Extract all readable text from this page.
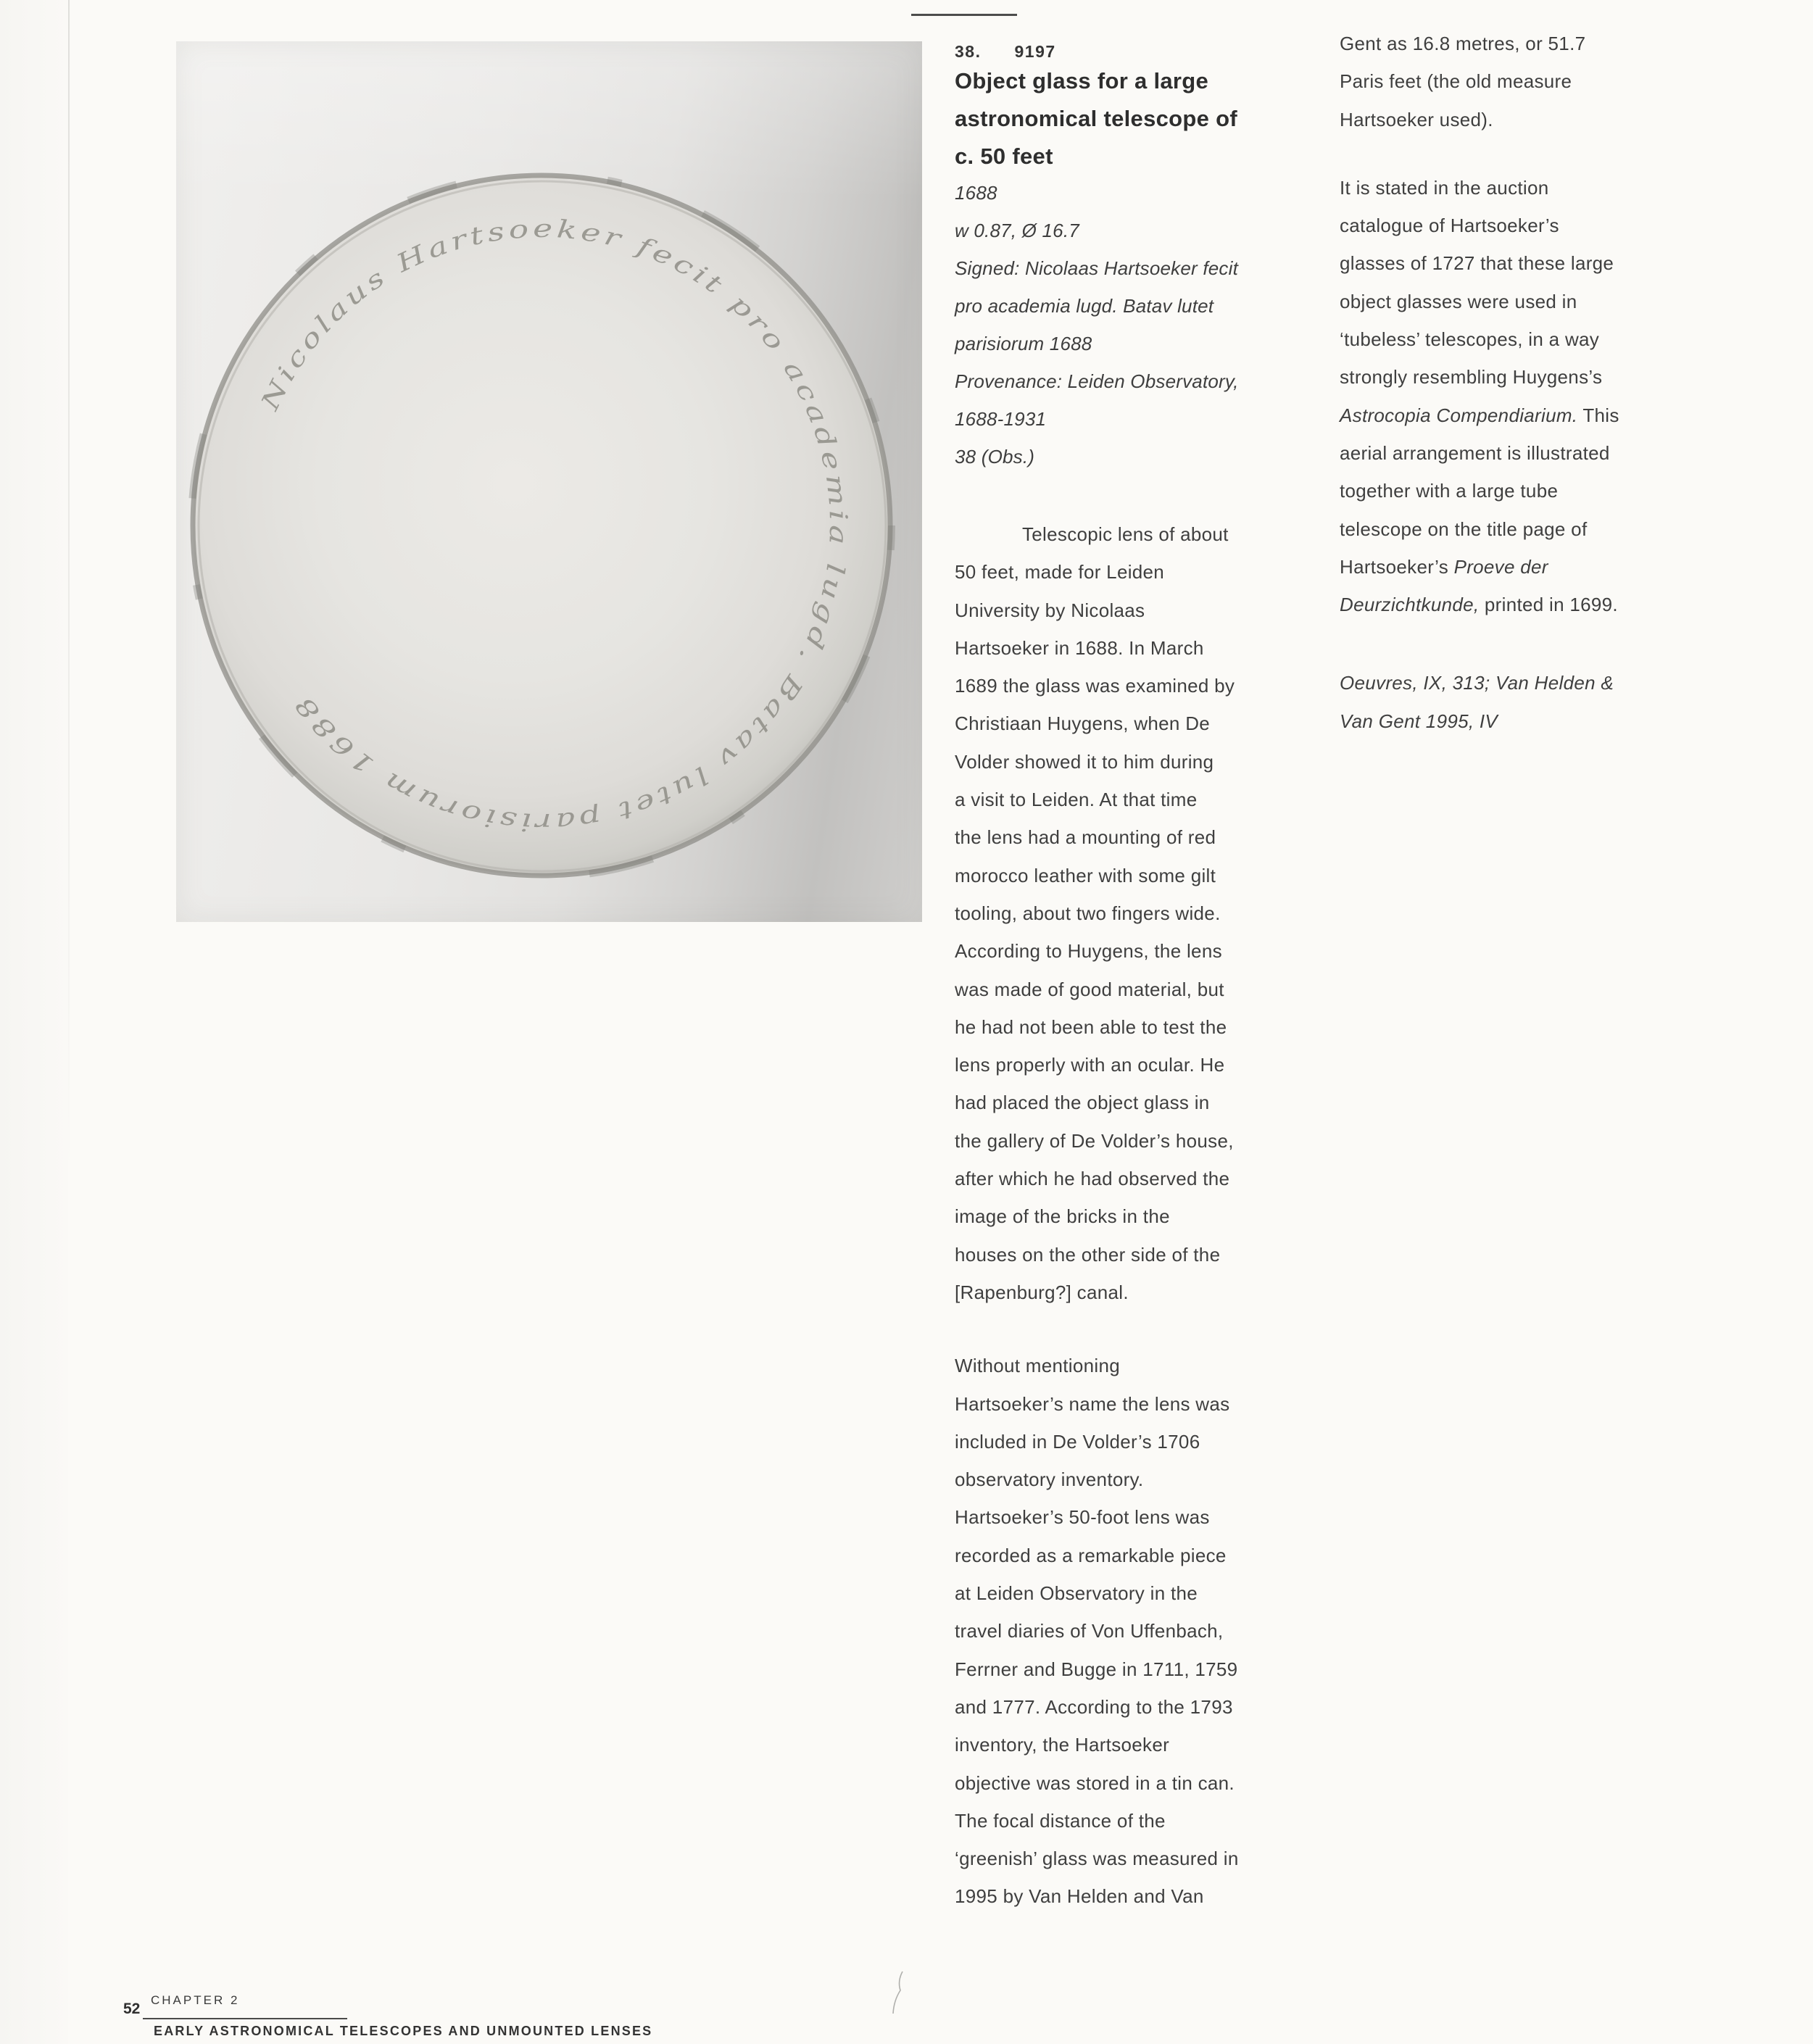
Nicolaus Hartsoeker fecit pro academia lugd. Batav lutet parisiorum 1688
38. 9197
Object glass for a large
astronomical telescope of
c. 50 feet
1688
w 0.87, Ø 16.7
Signed: Nicolaas Hartsoeker fecit
pro academia lugd. Batav lutet
parisiorum 1688
Provenance: Leiden Observatory,
1688-1931
38 (Obs.)
Telescopic lens of about
50 feet, made for Leiden
University by Nicolaas
Hartsoeker in 1688. In March
1689 the glass was examined by
Christiaan Huygens, when De
Volder showed it to him during
a visit to Leiden. At that time
the lens had a mounting of red
morocco leather with some gilt
tooling, about two fingers wide.
According to Huygens, the lens
was made of good material, but
he had not been able to test the
lens properly with an ocular. He
had placed the object glass in
the gallery of De Volder’s house,
after which he had observed the
image of the bricks in the
houses on the other side of the
[Rapenburg?] canal.
Without mentioning
Hartsoeker’s name the lens was
included in De Volder’s 1706
observatory inventory.
Hartsoeker’s 50-foot lens was
recorded as a remarkable piece
at Leiden Observatory in the
travel diaries of Von Uffenbach,
Ferrner and Bugge in 1711, 1759
and 1777. According to the 1793
inventory, the Hartsoeker
objective was stored in a tin can.
The focal distance of the
‘greenish’ glass was measured in
1995 by Van Helden and Van
Gent as 16.8 metres, or 51.7
Paris feet (the old measure
Hartsoeker used).
It is stated in the auction
catalogue of Hartsoeker’s
glasses of 1727 that these large
object glasses were used in
‘tubeless’ telescopes, in a way
strongly resembling Huygens’s
Astrocopia Compendiarium. This
aerial arrangement is illustrated
together with a large tube
telescope on the title page of
Hartsoeker’s Proeve der
Deurzichtkunde, printed in 1699.
Oeuvres, IX, 313; Van Helden &
Van Gent 1995, IV
52
CHAPTER 2
EARLY ASTRONOMICAL TELESCOPES AND UNMOUNTED LENSES
